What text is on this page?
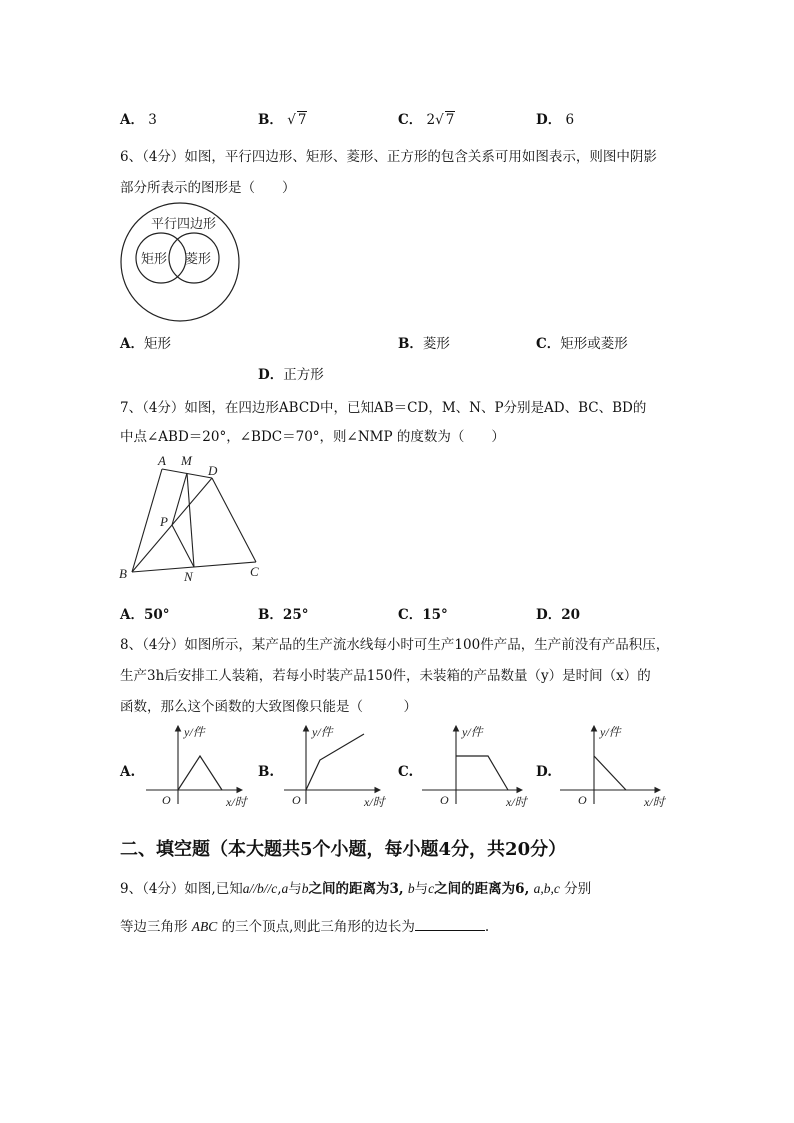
A． 3	B． √ 7	C． 2√ 7	D． 6
6、（4分）如图，平行四边形、矩形、菱形、正方形的包含关系可用如图表示，则图中阴影
部分所表示的图形是（　　）
平行四边形
矩形 菱形
A．矩形	B．菱形	C．矩形或菱形
D．正方形
7、（4分）如图，在四边形ABCD中，已知AB＝CD，M、N、P分别是AD、BC、BD的
中点∠ABD＝20°，∠BDC＝70°，则∠NMP 的度数为（　　）
A M
D
P
B	N	C
A．50°	B．25°	C．15°	D．20
8、（4分）如图所示，某产品的生产流水线每小时可生产100件产品，生产前没有产品积压，
生产3h后安排工人装箱，若每小时装产品150件，未装箱的产品数量（y）是时间（x）的
函数，那么这个函数的大致图像只能是（　　　）
A.
y/件
x/时
O
B.
y/件
x/时
O
C.
y/件
x/时
O
D.
y/件
x/时
O
二、填空题（本大题共5个小题，每小题4分，共20分）
9、（4分）如图,已知a//b//c,a与b之间的距离为3, b与c之间的距离为6, a,b,c 分别
等边三角形 ABC 的三个顶点,则此三角形的边长为	.
